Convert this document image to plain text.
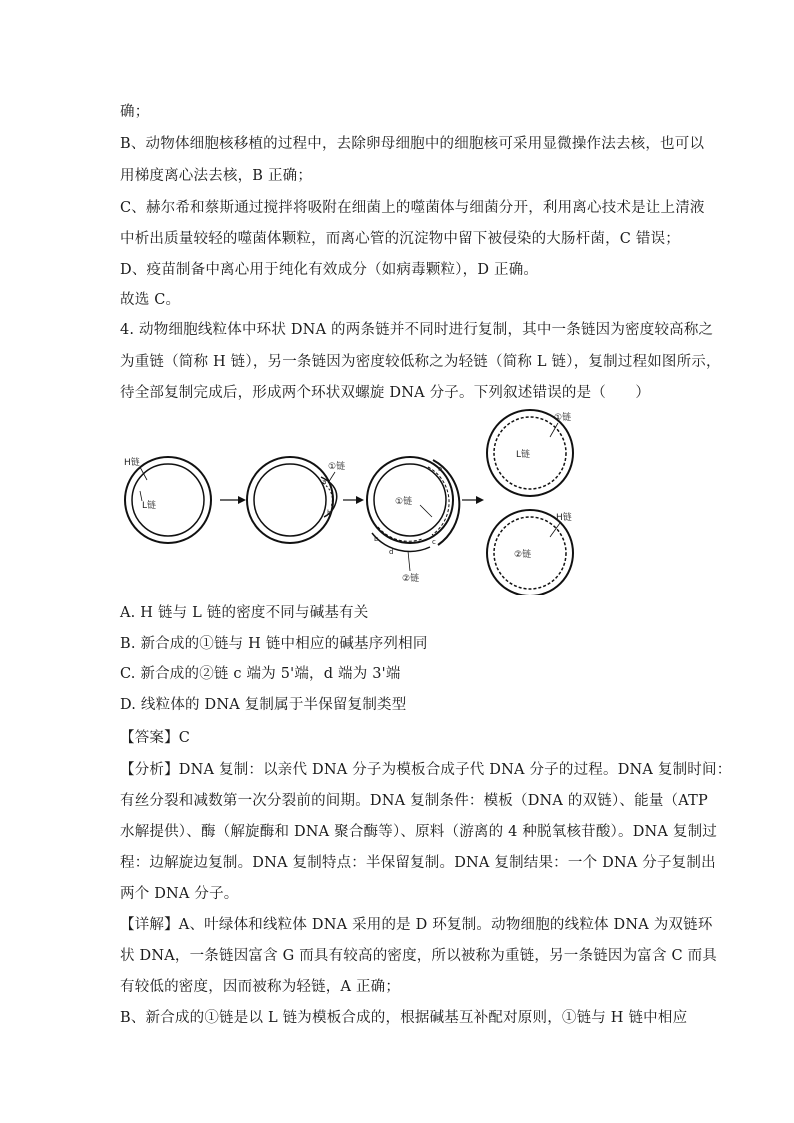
确；
B、动物体细胞核移植的过程中，去除卵母细胞中的细胞核可采用显微操作法去核，也可以
用梯度离心法去核，B 正确；
C、赫尔希和蔡斯通过搅拌将吸附在细菌上的噬菌体与细菌分开，利用离心技术是让上清液
中析出质量较轻的噬菌体颗粒，而离心管的沉淀物中留下被侵染的大肠杆菌，C 错误；
D、疫苗制备中离心用于纯化有效成分（如病毒颗粒），D 正确。
故选 C。
4. 动物细胞线粒体中环状 DNA 的两条链并不同时进行复制，其中一条链因为密度较高称之
为重链（简称 H 链），另一条链因为密度较低称之为轻链（简称 L 链），复制过程如图所示，
待全部复制完成后，形成两个环状双螺旋 DNA 分子。下列叙述错误的是（　　）
H链
L链
a
b
①链
①链
a
b	c
d
②链
L链
①链
②链
H链
A. H 链与 L 链的密度不同与碱基有关
B. 新合成的①链与 H 链中相应的碱基序列相同
C. 新合成的②链 c 端为 5'端，d 端为 3'端
D. 线粒体的 DNA 复制属于半保留复制类型
【答案】C
【分析】DNA 复制：以亲代 DNA 分子为模板合成子代 DNA 分子的过程。DNA 复制时间：
有丝分裂和减数第一次分裂前的间期。DNA 复制条件：模板（DNA 的双链）、能量（ATP
水解提供）、酶（解旋酶和 DNA 聚合酶等）、原料（游离的 4 种脱氧核苷酸）。DNA 复制过
程：边解旋边复制。DNA 复制特点：半保留复制。DNA 复制结果：一个 DNA 分子复制出
两个 DNA 分子。
【详解】A、叶绿体和线粒体 DNA 采用的是 D 环复制。动物细胞的线粒体 DNA 为双链环
状 DNA，一条链因富含 G 而具有较高的密度，所以被称为重链，另一条链因为富含 C 而具
有较低的密度，因而被称为轻链，A 正确；
B、新合成的①链是以 L 链为模板合成的，根据碱基互补配对原则，①链与 H 链中相应
